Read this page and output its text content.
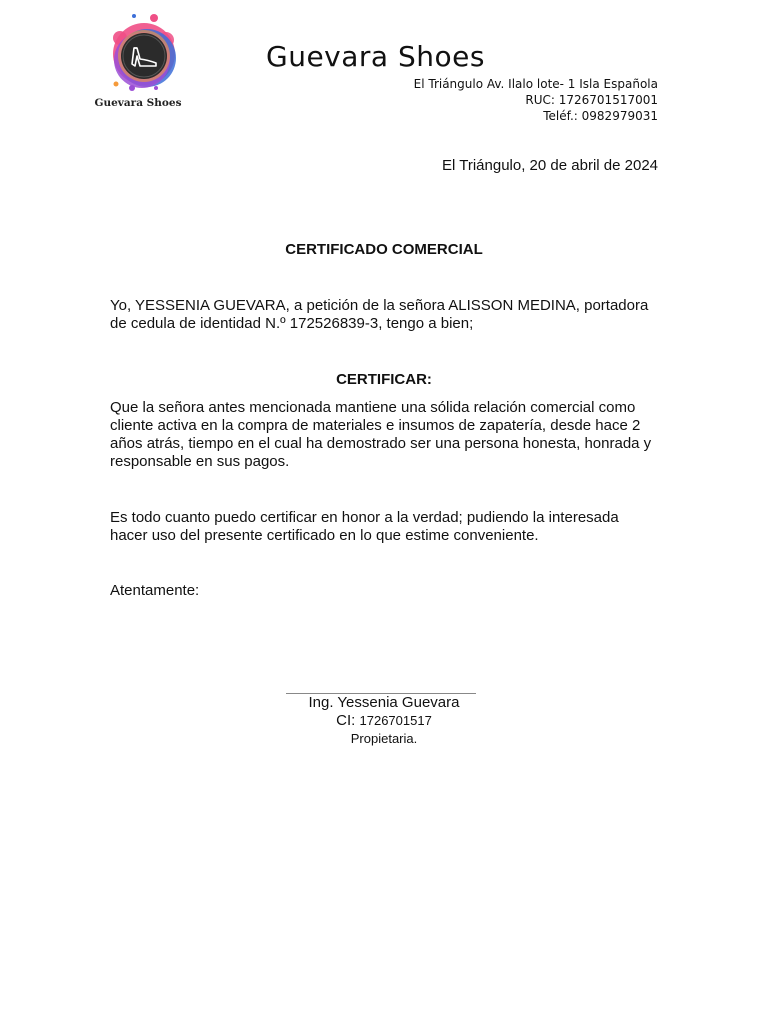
Guevara Shoes
Guevara Shoes
El Triángulo Av. Ilalo lote- 1 Isla Española
RUC: 1726701517001
Teléf.: 0982979031
El Triángulo, 20 de abril de 2024
CERTIFICADO COMERCIAL
Yo, YESSENIA GUEVARA, a petición de la señora ALISSON MEDINA, portadora de cedula de identidad N.º 172526839-3, tengo a bien;
CERTIFICAR:
Que la señora antes mencionada mantiene una sólida relación comercial como cliente activa en la compra de materiales e insumos de zapatería, desde hace 2 años atrás, tiempo en el cual ha demostrado ser una persona honesta, honrada y responsable en sus pagos.
Es todo cuanto puedo certificar en honor a la verdad; pudiendo la interesada hacer uso del presente certificado en lo que estime conveniente.
Atentamente:
Ing. Yessenia Guevara
CI: 1726701517
Propietaria.
